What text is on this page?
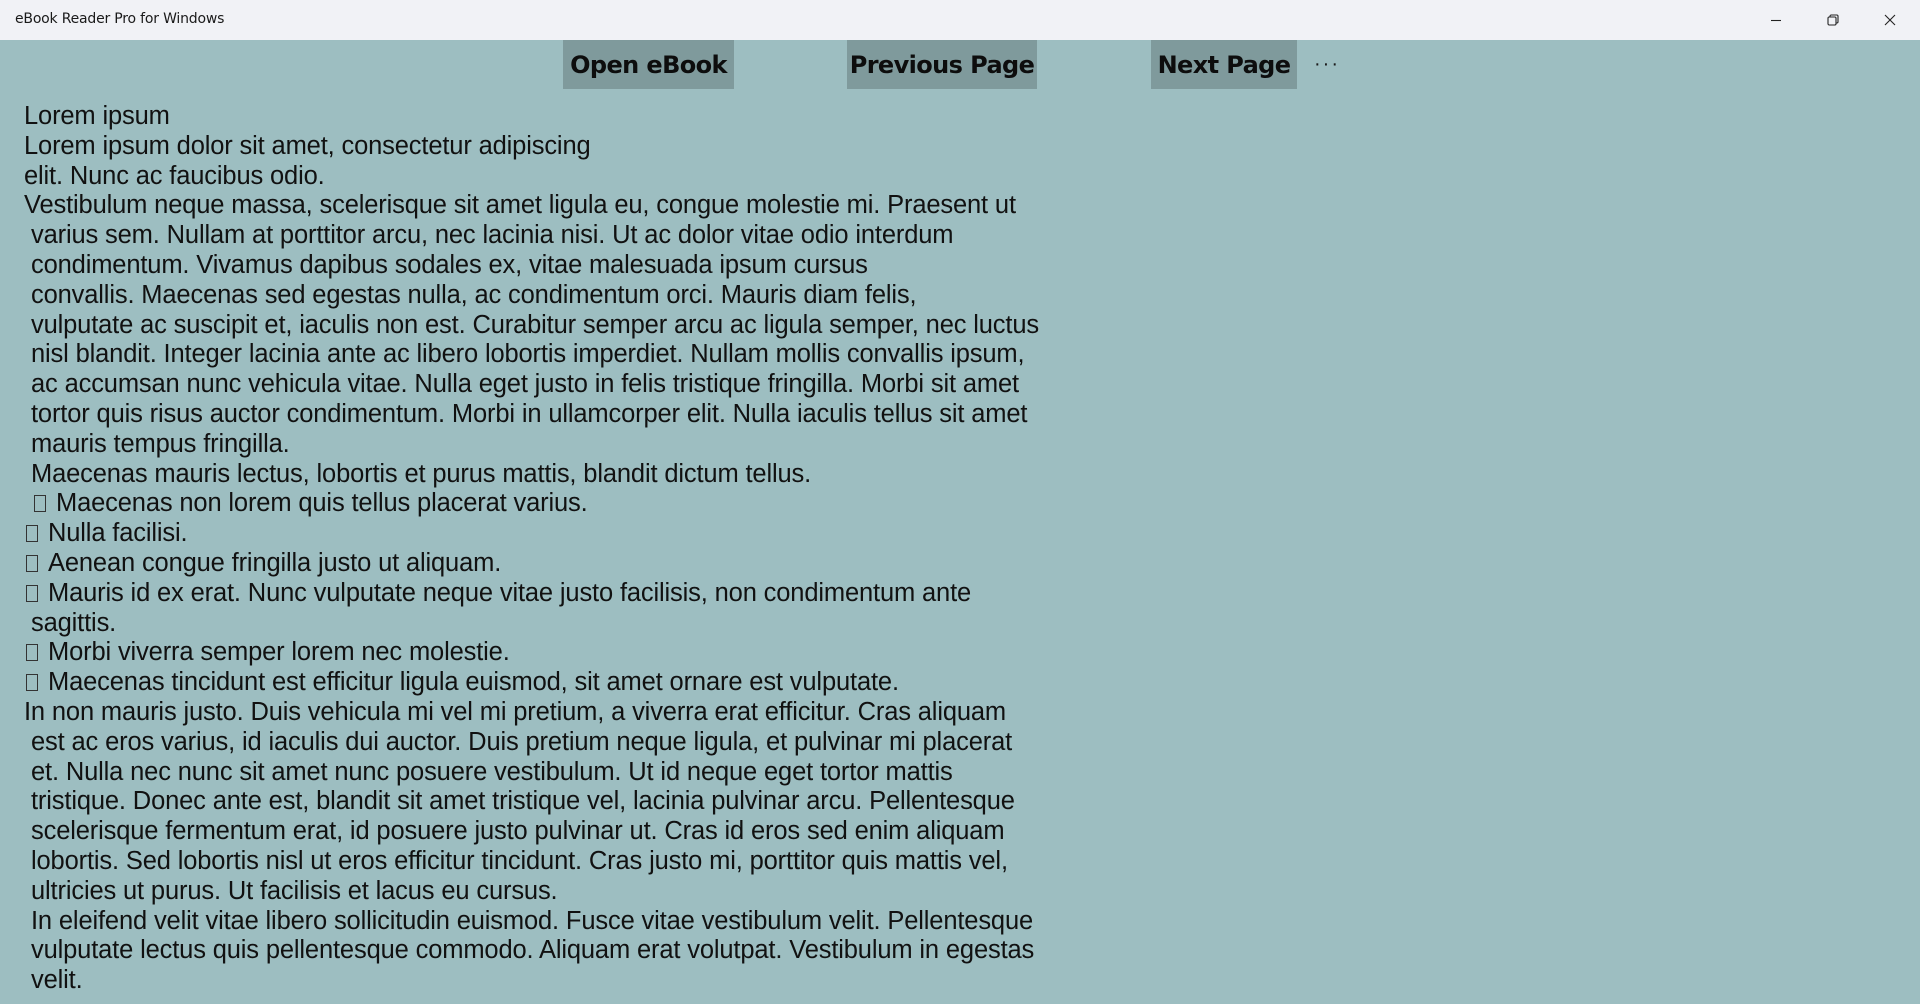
eBook Reader Pro for Windows
Open eBook	Previous Page	Next Page	···
Lorem ipsum
Lorem ipsum dolor sit amet, consectetur adipiscing
elit. Nunc ac faucibus odio.
Vestibulum neque massa, scelerisque sit amet ligula eu, congue molestie mi. Praesent ut
varius sem. Nullam at porttitor arcu, nec lacinia nisi. Ut ac dolor vitae odio interdum
condimentum. Vivamus dapibus sodales ex, vitae malesuada ipsum cursus
convallis. Maecenas sed egestas nulla, ac condimentum orci. Mauris diam felis,
vulputate ac suscipit et, iaculis non est. Curabitur semper arcu ac ligula semper, nec luctus
nisl blandit. Integer lacinia ante ac libero lobortis imperdiet. Nullam mollis convallis ipsum,
ac accumsan nunc vehicula vitae. Nulla eget justo in felis tristique fringilla. Morbi sit amet
tortor quis risus auctor condimentum. Morbi in ullamcorper elit. Nulla iaculis tellus sit amet
mauris tempus fringilla.
Maecenas mauris lectus, lobortis et purus mattis, blandit dictum tellus.
Maecenas non lorem quis tellus placerat varius.
Nulla facilisi.
Aenean congue fringilla justo ut aliquam.
Mauris id ex erat. Nunc vulputate neque vitae justo facilisis, non condimentum ante
sagittis.
Morbi viverra semper lorem nec molestie.
Maecenas tincidunt est efficitur ligula euismod, sit amet ornare est vulputate.
In non mauris justo. Duis vehicula mi vel mi pretium, a viverra erat efficitur. Cras aliquam
est ac eros varius, id iaculis dui auctor. Duis pretium neque ligula, et pulvinar mi placerat
et. Nulla nec nunc sit amet nunc posuere vestibulum. Ut id neque eget tortor mattis
tristique. Donec ante est, blandit sit amet tristique vel, lacinia pulvinar arcu. Pellentesque
scelerisque fermentum erat, id posuere justo pulvinar ut. Cras id eros sed enim aliquam
lobortis. Sed lobortis nisl ut eros efficitur tincidunt. Cras justo mi, porttitor quis mattis vel,
ultricies ut purus. Ut facilisis et lacus eu cursus.
In eleifend velit vitae libero sollicitudin euismod. Fusce vitae vestibulum velit. Pellentesque
vulputate lectus quis pellentesque commodo. Aliquam erat volutpat. Vestibulum in egestas
velit.
